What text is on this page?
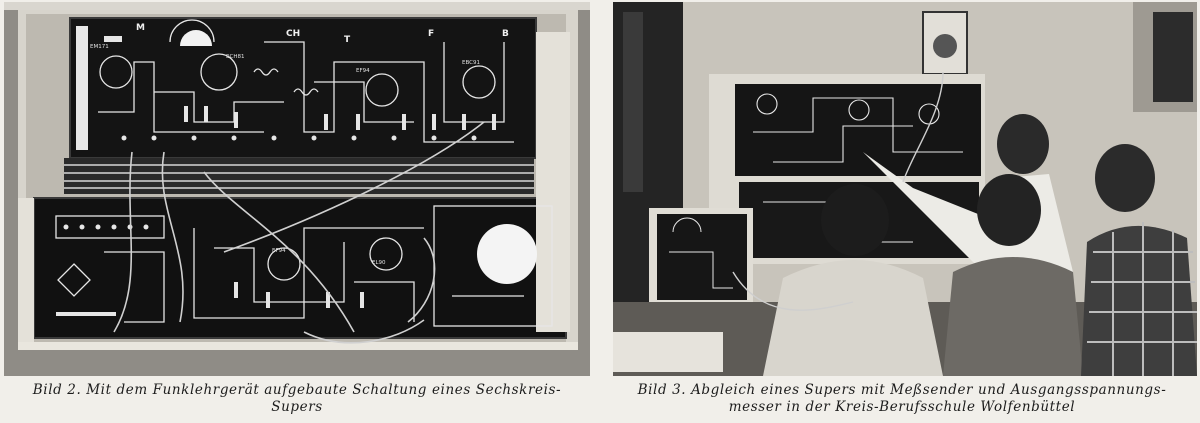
M
CH
T
F	B
EM171
ECH81
EF94
EBC91
EL90
EF94

Bild 2. Mit dem Funklehrgerät aufgebaute Schaltung eines Sechskreis-
Supers

Bild 3. Abgleich eines Supers mit Meßsender und Ausgangsspannungs-
messer in der Kreis-Berufsschule Wolfenbüttel
